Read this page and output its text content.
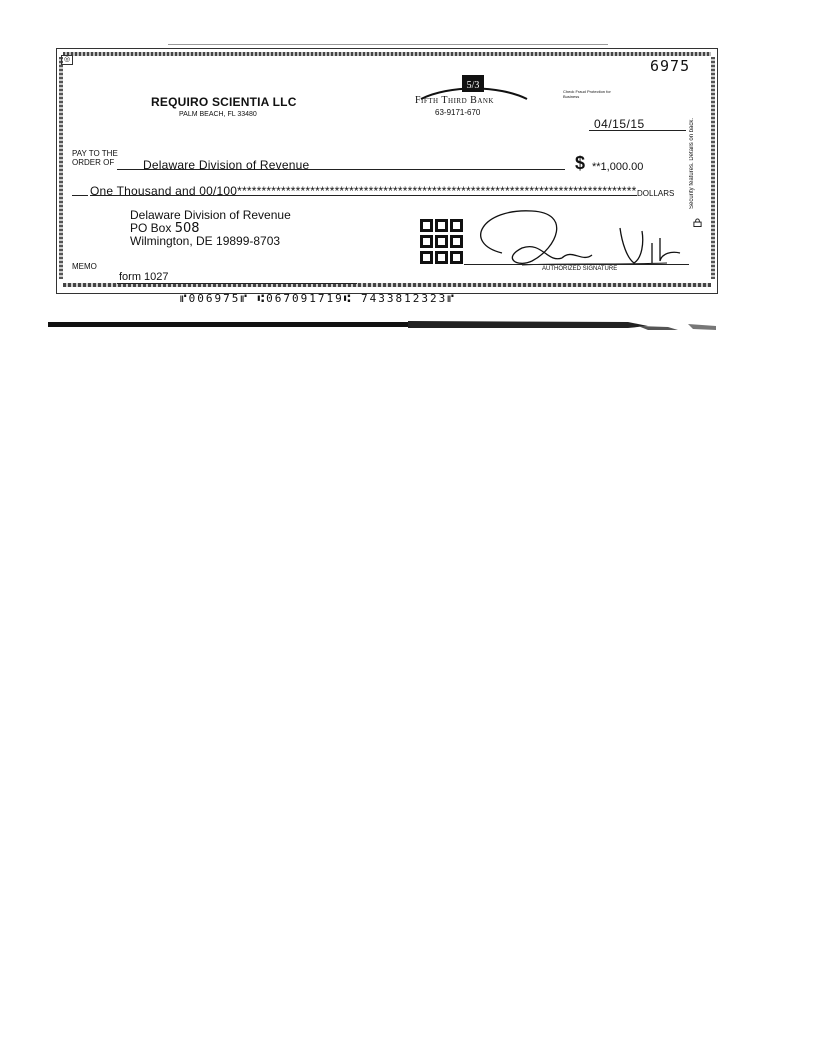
◎	6975
REQUIRO SCIENTIA LLC
PALM BEACH, FL 33480
5/3
Fifth Third Bank
63-9171-670
Check Fraud Protection for Business
04/15/15
PAY TO THE
ORDER OF Delaware Division of Revenue	$ **1,000.00
One Thousand and 00/100********************************************************************************** DOLLARS Security features. Details on back.
Delaware Division of Revenue
PO Box 508
Wilmington, DE 19899-8703
AUTHORIZED SIGNATURE
MEMO
form 1027
⑈006975⑈ ⑆067091719⑆ 7433812323⑈
